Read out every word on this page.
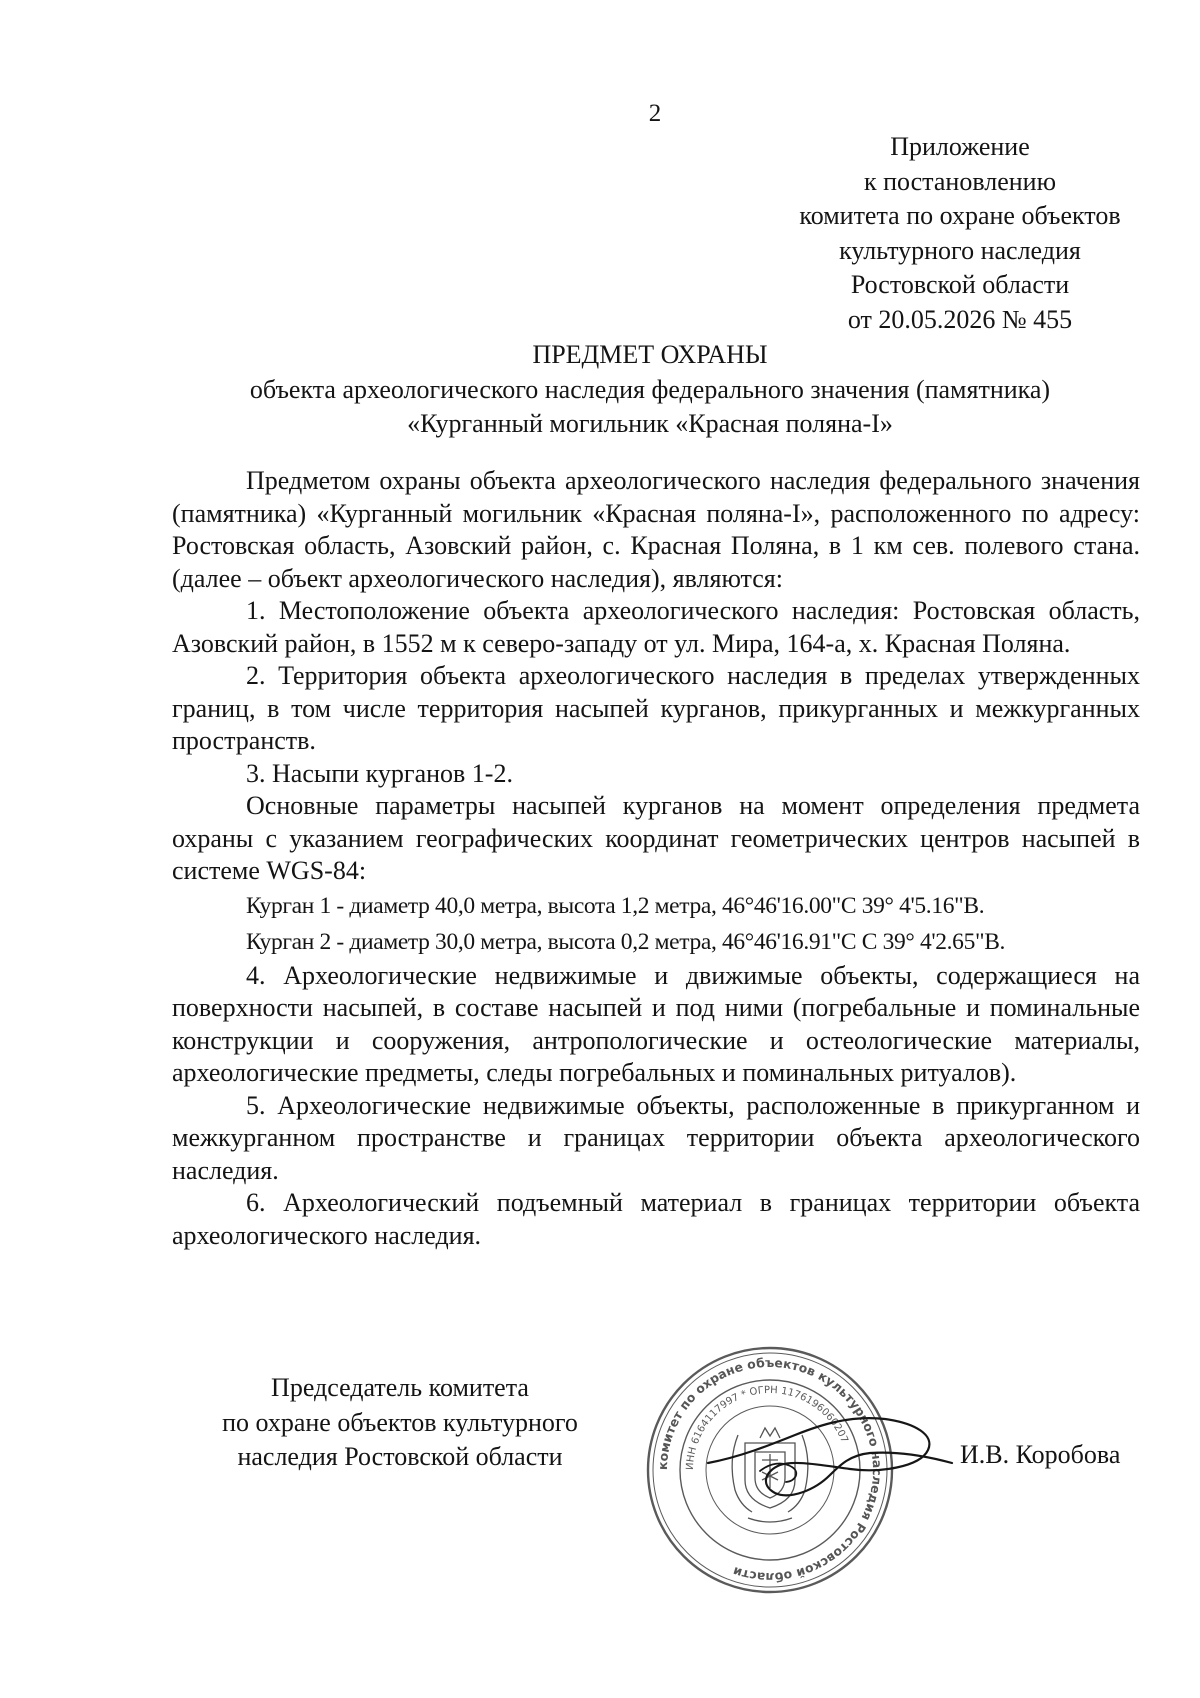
2
Приложение
к постановлению
комитета по охране объектов
культурного наследия
Ростовской области
от 20.05.2026 № 455
ПРЕДМЕТ ОХРАНЫ
объекта археологического наследия федерального значения (памятника)
«Курганный могильник «Красная поляна-I»

Предметом охраны объекта археологического наследия федерального значения (памятника) «Курганный могильник «Красная поляна-I», расположенного по адресу: Ростовская область, Азовский район, с. Красная Поляна, в 1 км сев. полевого стана. (далее – объект археологического наследия), являются:

1. Местоположение объекта археологического наследия: Ростовская область, Азовский район, в 1552 м к северо-западу от ул. Мира, 164-а, х. Красная Поляна.

2. Территория объекта археологического наследия в пределах утвержденных границ, в том числе территория насыпей курганов, прикурганных и межкурганных пространств.

3. Насыпи курганов 1-2.

Основные параметры насыпей курганов на момент определения предмета охраны с указанием географических координат геометрических центров насыпей в системе WGS-84:

Курган 1 - диаметр 40,0 метра, высота 1,2 метра, 46°46'16.00"С 39° 4'5.16"В.

Курган 2 - диаметр 30,0 метра, высота 0,2 метра, 46°46'16.91"С С 39° 4'2.65"В.

4. Археологические недвижимые и движимые объекты, содержащиеся на поверхности насыпей, в составе насыпей и под ними (погребальные и поминальные конструкции и сооружения, антропологические и остеологические материалы, археологические предметы, следы погребальных и поминальных ритуалов).

5. Археологические недвижимые объекты, расположенные в прикурганном и межкурганном пространстве и границах территории объекта археологического наследия.

6. Археологический подъемный материал в границах территории объекта археологического наследия.

Председатель комитета
по охране объектов культурного
наследия Ростовской области	комитет по охране объектов культурного наследия Ростовской области
ИНН 6164117997 * ОГРН 1176196060207
И.В. Коробова
